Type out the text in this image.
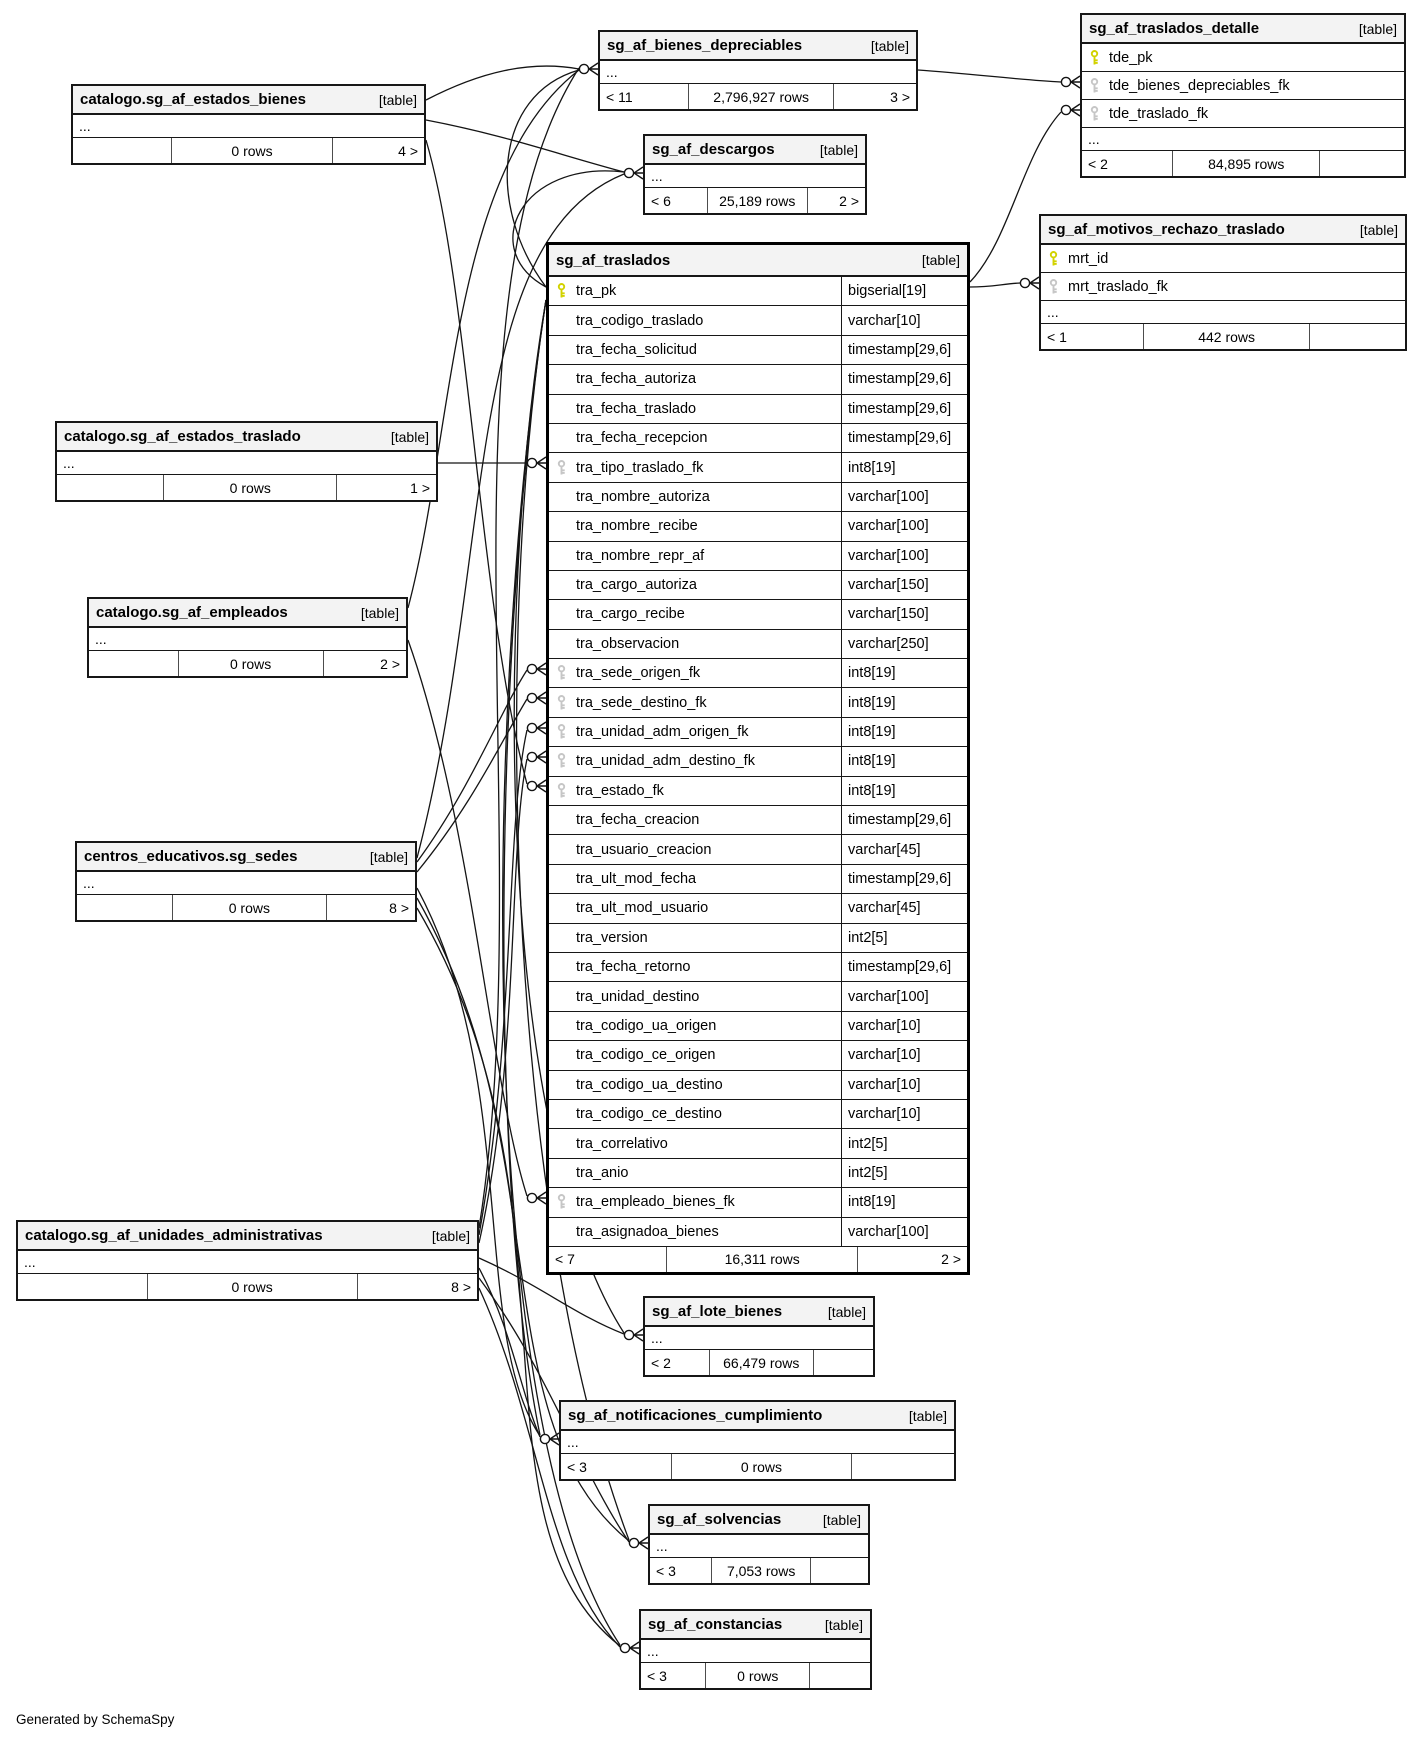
catalogo.sg_af_estados_bienes	[table]
...
0 rows	4 >
sg_af_bienes_depreciables	[table]
...
< 11	2,796,927 rows	3 >
sg_af_traslados_detalle	[table]
tde_pk
tde_bienes_depreciables_fk
tde_traslado_fk
...
< 2	84,895 rows
sg_af_descargos	[table]
...
< 6	25,189 rows	2 >
sg_af_motivos_rechazo_traslado	[table]
mrt_id
mrt_traslado_fk
...
< 1	442 rows
sg_af_traslados	[table]
tra_pk	bigserial[19]
tra_codigo_traslado	varchar[10]
tra_fecha_solicitud	timestamp[29,6]
tra_fecha_autoriza	timestamp[29,6]
tra_fecha_traslado	timestamp[29,6]
tra_fecha_recepcion	timestamp[29,6]
tra_tipo_traslado_fk	int8[19]
tra_nombre_autoriza	varchar[100]
tra_nombre_recibe	varchar[100]
tra_nombre_repr_af	varchar[100]
tra_cargo_autoriza	varchar[150]
tra_cargo_recibe	varchar[150]
tra_observacion	varchar[250]
tra_sede_origen_fk	int8[19]
tra_sede_destino_fk	int8[19]
tra_unidad_adm_origen_fk	int8[19]
tra_unidad_adm_destino_fk	int8[19]
tra_estado_fk	int8[19]
tra_fecha_creacion	timestamp[29,6]
tra_usuario_creacion	varchar[45]
tra_ult_mod_fecha	timestamp[29,6]
tra_ult_mod_usuario	varchar[45]
tra_version	int2[5]
tra_fecha_retorno	timestamp[29,6]
tra_unidad_destino	varchar[100]
tra_codigo_ua_origen	varchar[10]
tra_codigo_ce_origen	varchar[10]
tra_codigo_ua_destino	varchar[10]
tra_codigo_ce_destino	varchar[10]
tra_correlativo	int2[5]
tra_anio	int2[5]
tra_empleado_bienes_fk	int8[19]
tra_asignadoa_bienes	varchar[100]
< 7	16,311 rows	2 >
catalogo.sg_af_estados_traslado	[table]
...
0 rows	1 >
catalogo.sg_af_empleados	[table]
...
0 rows	2 >
centros_educativos.sg_sedes	[table]
...
0 rows	8 >
catalogo.sg_af_unidades_administrativas	[table]
...
0 rows	8 >
sg_af_lote_bienes	[table]
...
< 2	66,479 rows
sg_af_notificaciones_cumplimiento	[table]
...
< 3	0 rows
sg_af_solvencias	[table]
...
< 3	7,053 rows
sg_af_constancias	[table]
...
< 3	0 rows
Generated by SchemaSpy
